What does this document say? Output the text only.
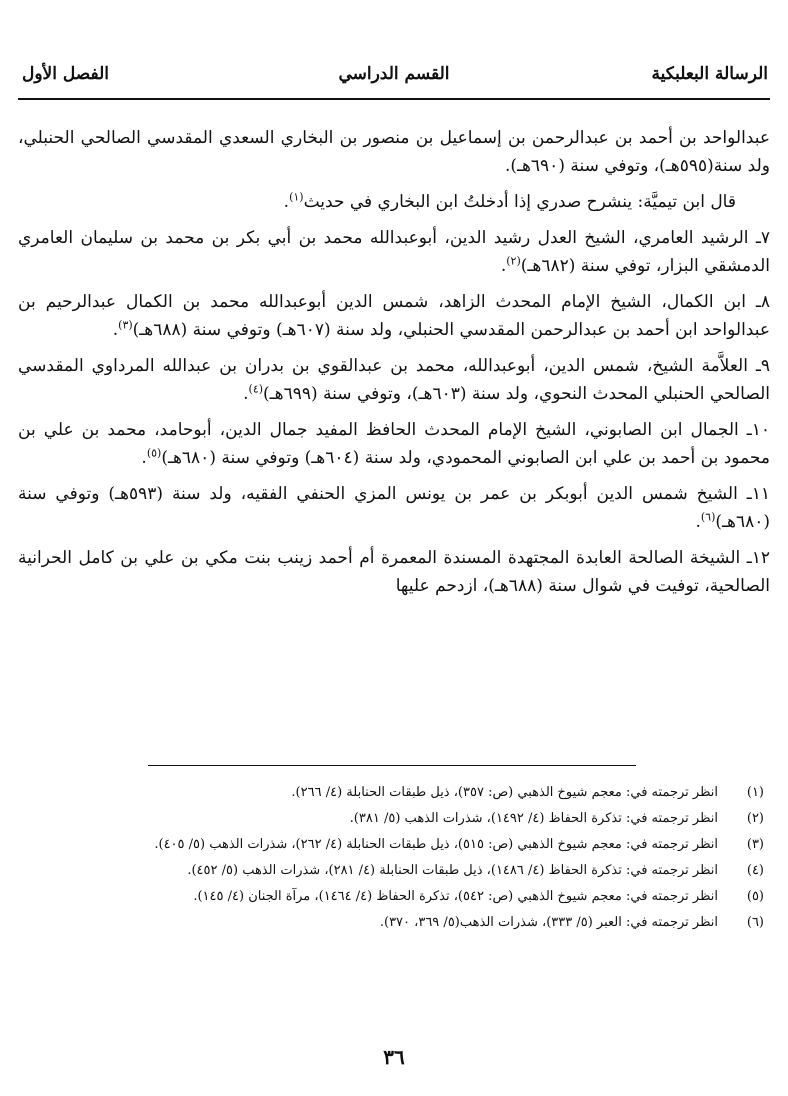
الرسالة البعلبكية
القسم الدراسي
الفصل الأول

عبدالواحد بن أحمد بن عبدالرحمن بن إسماعيل بن منصور بن البخاري السعدي المقدسي الصالحي الحنبلي، ولد سنة(٥٩٥هـ)، وتوفي سنة (٦٩٠هـ).

قال ابن تيميَّة: ينشرح صدري إذا أدخلتُ ابن البخاري في حديث$^{(١)}$.

٧ـ الرشيد العامري، الشيخ العدل رشيد الدين، أبوعبدالله محمد بن أبي بكر بن محمد بن سليمان العامري الدمشقي البزار، توفي سنة (٦٨٢هـ)$^{(٢)}$.

٨ـ ابن الكمال، الشيخ الإمام المحدث الزاهد، شمس الدين أبوعبدالله محمد بن الكمال عبدالرحيم بن عبدالواحد ابن أحمد بن عبدالرحمن المقدسي الحنبلي، ولد سنة (٦٠٧هـ) وتوفي سنة (٦٨٨هـ)$^{(٣)}$.

٩ـ العلاَّمة الشيخ، شمس الدين، أبوعبدالله، محمد بن عبدالقوي بن بدران بن عبدالله المرداوي المقدسي الصالحي الحنبلي المحدث النحوي، ولد سنة (٦٠٣هـ)، وتوفي سنة (٦٩٩هـ)$^{(٤)}$.

١٠ـ الجمال ابن الصابوني، الشيخ الإمام المحدث الحافظ المفيد جمال الدين، أبوحامد، محمد بن علي بن محمود بن أحمد بن علي ابن الصابوني المحمودي، ولد سنة (٦٠٤هـ) وتوفي سنة (٦٨٠هـ)$^{(٥)}$.

١١ـ الشيخ شمس الدين أبوبكر بن عمر بن يونس المزي الحنفي الفقيه، ولد سنة (٥٩٣هـ) وتوفي سنة (٦٨٠هـ)$^{(٦)}$.

١٢ـ الشيخة الصالحة العابدة المجتهدة المسندة المعمرة أم أحمد زينب بنت مكي بن علي بن كامل الحرانية الصالحية، توفيت في شوال سنة (٦٨٨هـ)، ازدحم عليها

(١)
انظر ترجمته في: معجم شيوخ الذهبي (ص: ٣٥٧)، ذيل طبقات الحنابلة (٤/ ٢٦٦).
(٢)
انظر ترجمته في: تذكرة الحفاظ (٤/ ١٤٩٢)، شذرات الذهب (٥/ ٣٨١).
(٣)
انظر ترجمته في: معجم شيوخ الذهبي (ص: ٥١٥)، ذيل طبقات الحنابلة (٤/ ٢٦٢)، شذرات الذهب (٥/ ٤٠٥).
(٤)
انظر ترجمته في: تذكرة الحفاظ (٤/ ١٤٨٦)، ذيل طبقات الحنابلة (٤/ ٢٨١)، شذرات الذهب (٥/ ٤٥٢).
(٥)
انظر ترجمته في: معجم شيوخ الذهبي (ص: ٥٤٢)، تذكرة الحفاظ (٤/ ١٤٦٤)، مرآة الجنان (٤/ ١٤٥).
(٦)
انظر ترجمته في: العبر (٥/ ٣٣٣)، شذرات الذهب(٥/ ٣٦٩، ٣٧٠).
٣٦
